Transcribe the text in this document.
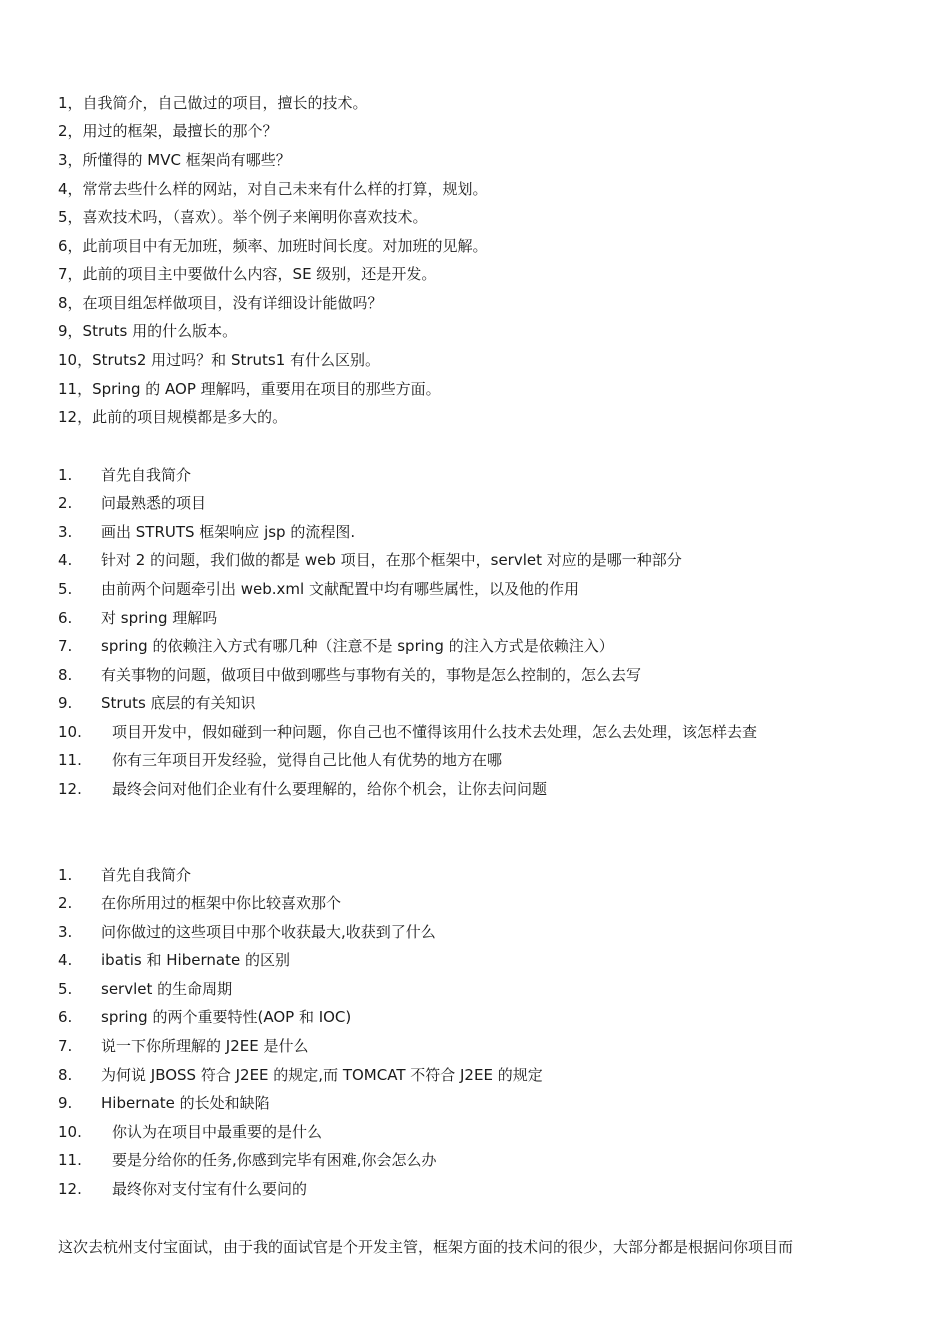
1，自我简介，自己做过的项目，擅长的技术。
2，用过的框架，最擅长的那个？
3，所懂得的 MVC 框架尚有哪些？
4，常常去些什么样的网站，对自己未来有什么样的打算，规划。
5，喜欢技术吗，（喜欢）。举个例子来阐明你喜欢技术。
6，此前项目中有无加班，频率、加班时间长度。对加班的见解。
7，此前的项目主中要做什么内容，SE 级别，还是开发。
8，在项目组怎样做项目，没有详细设计能做吗？
9，Struts 用的什么版本。
10，Struts2 用过吗？和 Struts1 有什么区别。
11，Spring 的 AOP 理解吗，重要用在项目的那些方面。
12，此前的项目规模都是多大的。
1. 首先自我简介
2. 问最熟悉的项目
3. 画出 STRUTS 框架响应 jsp 的流程图.
4. 针对 2 的问题，我们做的都是 web 项目，在那个框架中，servlet 对应的是哪一种部分
5. 由前两个问题牵引出 web.xml 文献配置中均有哪些属性，以及他的作用
6. 对 spring 理解吗
7. spring 的依赖注入方式有哪几种（注意不是 spring 的注入方式是依赖注入）
8. 有关事物的问题，做项目中做到哪些与事物有关的，事物是怎么控制的，怎么去写
9. Struts 底层的有关知识
10. 项目开发中，假如碰到一种问题，你自己也不懂得该用什么技术去处理，怎么去处理，该怎样去查
11. 你有三年项目开发经验，觉得自己比他人有优势的地方在哪
12. 最终会问对他们企业有什么要理解的，给你个机会，让你去问问题
1. 首先自我简介
2. 在你所用过的框架中你比较喜欢那个
3. 问你做过的这些项目中那个收获最大,收获到了什么
4. ibatis 和 Hibernate 的区别
5. servlet 的生命周期
6. spring 的两个重要特性(AOP 和 IOC)
7. 说一下你所理解的 J2EE 是什么
8. 为何说 JBOSS 符合 J2EE 的规定,而 TOMCAT 不符合 J2EE 的规定
9. Hibernate 的长处和缺陷
10. 你认为在项目中最重要的是什么
11. 要是分给你的任务,你感到完毕有困难,你会怎么办
12. 最终你对支付宝有什么要问的
这次去杭州支付宝面试，由于我的面试官是个开发主管，框架方面的技术问的很少，大部分都是根据问你项目而
